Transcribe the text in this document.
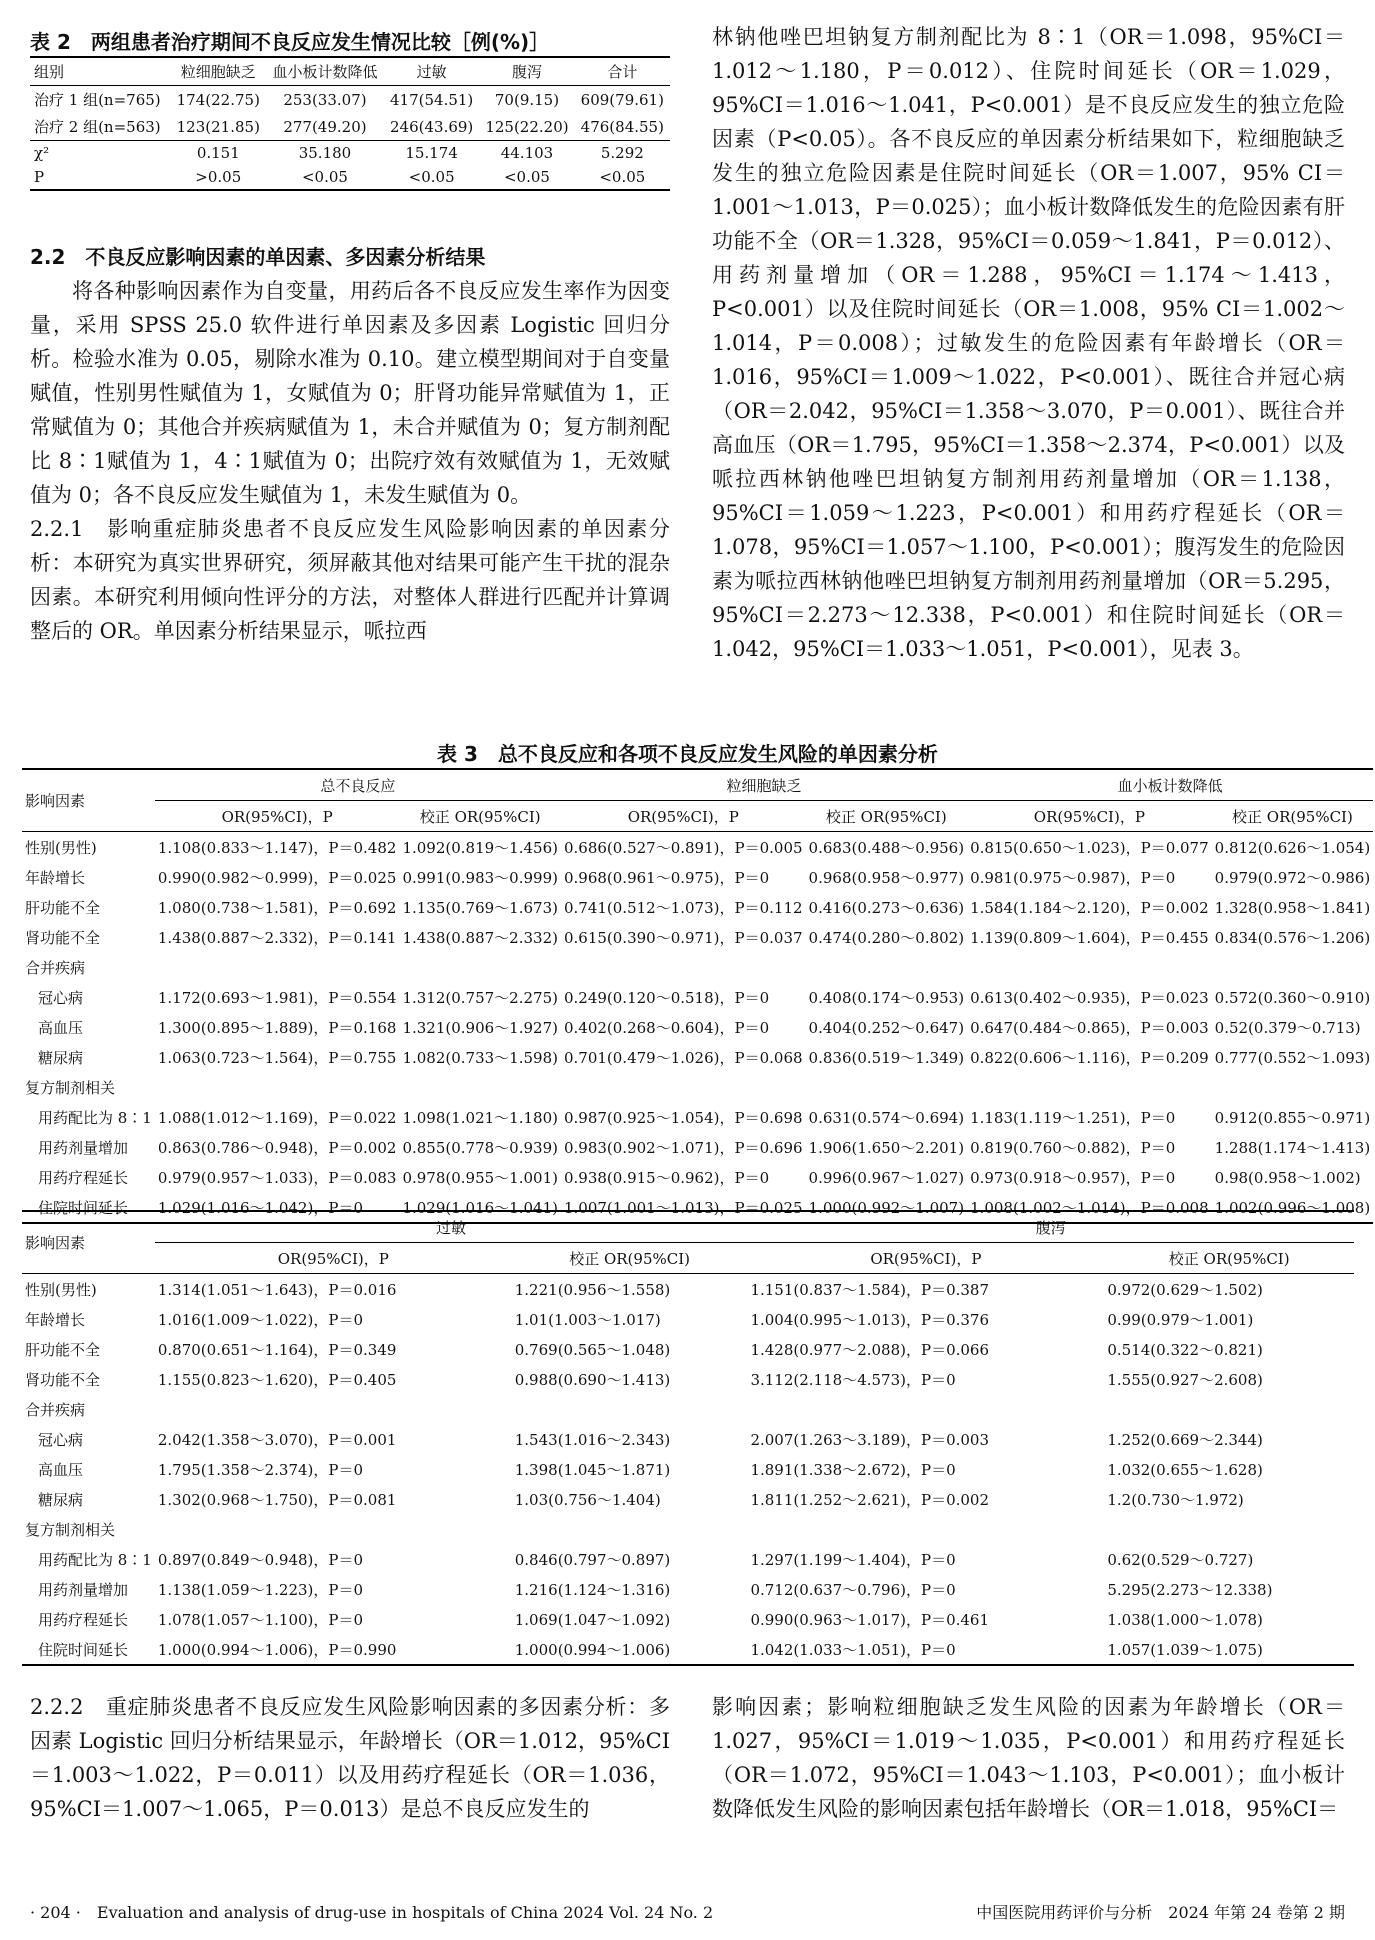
表 2　两组患者治疗期间不良反应发生情况比较［例(%)］
组别	粒细胞缺乏	血小板计数降低	过敏	腹泻	合计
治疗 1 组(n=765)	174(22.75)	253(33.07)	417(54.51)	70(9.15)	609(79.61)
治疗 2 组(n=563)	123(21.85)	277(49.20)	246(43.69)	125(22.20)	476(84.55)
χ²	0.151	35.180	15.174	44.103	5.292
P	>0.05	<0.05	<0.05	<0.05	<0.05
2.2　不良反应影响因素的单因素、多因素分析结果

将各种影响因素作为自变量，用药后各不良反应发生率作为因变量，采用 SPSS 25.0 软件进行单因素及多因素 Logistic 回归分析。检验水准为 0.05，剔除水准为 0.10。建立模型期间对于自变量赋值，性别男性赋值为 1，女赋值为 0；肝肾功能异常赋值为 1，正常赋值为 0；其他合并疾病赋值为 1，未合并赋值为 0；复方制剂配比 8∶1赋值为 1，4∶1赋值为 0；出院疗效有效赋值为 1，无效赋值为 0；各不良反应发生赋值为 1，未发生赋值为 0。

2.2.1　影响重症肺炎患者不良反应发生风险影响因素的单因素分析：本研究为真实世界研究，须屏蔽其他对结果可能产生干扰的混杂因素。本研究利用倾向性评分的方法，对整体人群进行匹配并计算调整后的 OR。单因素分析结果显示，哌拉西

林钠他唑巴坦钠复方制剂配比为 8∶1（OR＝1.098，95%CI＝1.012～1.180，P＝0.012）、住院时间延长（OR＝1.029，95%CI＝1.016～1.041，P<0.001）是不良反应发生的独立危险因素（P<0.05）。各不良反应的单因素分析结果如下，粒细胞缺乏发生的独立危险因素是住院时间延长（OR＝1.007，95% CI＝1.001～1.013，P＝0.025）；血小板计数降低发生的危险因素有肝功能不全（OR＝1.328，95%CI＝0.059～1.841，P＝0.012）、用药剂量增加（OR＝1.288，95%CI＝1.174～1.413，P<0.001）以及住院时间延长（OR＝1.008，95% CI＝1.002～1.014，P＝0.008）；过敏发生的危险因素有年龄增长（OR＝1.016，95%CI＝1.009～1.022，P<0.001）、既往合并冠心病（OR＝2.042，95%CI＝1.358～3.070，P＝0.001）、既往合并高血压（OR＝1.795，95%CI＝1.358～2.374，P<0.001）以及哌拉西林钠他唑巴坦钠复方制剂用药剂量增加（OR＝1.138，95%CI＝1.059～1.223，P<0.001）和用药疗程延长（OR＝1.078，95%CI＝1.057～1.100，P<0.001）；腹泻发生的危险因素为哌拉西林钠他唑巴坦钠复方制剂用药剂量增加（OR＝5.295，95%CI＝2.273～12.338，P<0.001）和住院时间延长（OR＝1.042，95%CI＝1.033～1.051，P<0.001），见表 3。

表 3　总不良反应和各项不良反应发生风险的单因素分析
影响因素	总不良反应		粒细胞缺乏		血小板计数降低	
	OR(95%CI)，P	校正 OR(95%CI)	OR(95%CI)，P	校正 OR(95%CI)	OR(95%CI)，P	校正 OR(95%CI)
性别(男性)	1.108(0.833～1.147)，P＝0.482	1.092(0.819～1.456)	0.686(0.527～0.891)，P＝0.005	0.683(0.488～0.956)	0.815(0.650～1.023)，P＝0.077	0.812(0.626～1.054)
年龄增长	0.990(0.982～0.999)，P＝0.025	0.991(0.983～0.999)	0.968(0.961～0.975)，P＝0	0.968(0.958～0.977)	0.981(0.975～0.987)，P＝0	0.979(0.972～0.986)
肝功能不全	1.080(0.738～1.581)，P＝0.692	1.135(0.769～1.673)	0.741(0.512～1.073)，P＝0.112	0.416(0.273～0.636)	1.584(1.184～2.120)，P＝0.002	1.328(0.958～1.841)
肾功能不全	1.438(0.887～2.332)，P＝0.141	1.438(0.887～2.332)	0.615(0.390～0.971)，P＝0.037	0.474(0.280～0.802)	1.139(0.809～1.604)，P＝0.455	0.834(0.576～1.206)
合并疾病						
冠心病	1.172(0.693～1.981)，P＝0.554	1.312(0.757～2.275)	0.249(0.120～0.518)，P＝0	0.408(0.174～0.953)	0.613(0.402～0.935)，P＝0.023	0.572(0.360～0.910)
高血压	1.300(0.895～1.889)，P＝0.168	1.321(0.906～1.927)	0.402(0.268～0.604)，P＝0	0.404(0.252～0.647)	0.647(0.484～0.865)，P＝0.003	0.52(0.379～0.713)
糖尿病	1.063(0.723～1.564)，P＝0.755	1.082(0.733～1.598)	0.701(0.479～1.026)，P＝0.068	0.836(0.519～1.349)	0.822(0.606～1.116)，P＝0.209	0.777(0.552～1.093)
复方制剂相关						
用药配比为 8∶1	1.088(1.012～1.169)，P＝0.022	1.098(1.021～1.180)	0.987(0.925～1.054)，P＝0.698	0.631(0.574～0.694)	1.183(1.119～1.251)，P＝0	0.912(0.855～0.971)
用药剂量增加	0.863(0.786～0.948)，P＝0.002	0.855(0.778～0.939)	0.983(0.902～1.071)，P＝0.696	1.906(1.650～2.201)	0.819(0.760～0.882)，P＝0	1.288(1.174～1.413)
用药疗程延长	0.979(0.957～1.033)，P＝0.083	0.978(0.955～1.001)	0.938(0.915～0.962)，P＝0	0.996(0.967～1.027)	0.973(0.918～0.957)，P＝0	0.98(0.958～1.002)
住院时间延长	1.029(1.016～1.042)，P＝0	1.029(1.016～1.041)	1.007(1.001～1.013)，P＝0.025	1.000(0.992～1.007)	1.008(1.002～1.014)，P＝0.008	1.002(0.996～1.008)
影响因素	过敏		腹泻	
	OR(95%CI)，P	校正 OR(95%CI)	OR(95%CI)，P	校正 OR(95%CI)
性别(男性)	1.314(1.051～1.643)，P＝0.016	1.221(0.956～1.558)	1.151(0.837～1.584)，P＝0.387	0.972(0.629～1.502)
年龄增长	1.016(1.009～1.022)，P＝0	1.01(1.003～1.017)	1.004(0.995～1.013)，P＝0.376	0.99(0.979～1.001)
肝功能不全	0.870(0.651～1.164)，P＝0.349	0.769(0.565～1.048)	1.428(0.977～2.088)，P＝0.066	0.514(0.322～0.821)
肾功能不全	1.155(0.823～1.620)，P＝0.405	0.988(0.690～1.413)	3.112(2.118～4.573)，P＝0	1.555(0.927～2.608)
合并疾病				
冠心病	2.042(1.358～3.070)，P＝0.001	1.543(1.016～2.343)	2.007(1.263～3.189)，P＝0.003	1.252(0.669～2.344)
高血压	1.795(1.358～2.374)，P＝0	1.398(1.045～1.871)	1.891(1.338～2.672)，P＝0	1.032(0.655～1.628)
糖尿病	1.302(0.968～1.750)，P＝0.081	1.03(0.756～1.404)	1.811(1.252～2.621)，P＝0.002	1.2(0.730～1.972)
复方制剂相关				
用药配比为 8∶1	0.897(0.849～0.948)，P＝0	0.846(0.797～0.897)	1.297(1.199～1.404)，P＝0	0.62(0.529～0.727)
用药剂量增加	1.138(1.059～1.223)，P＝0	1.216(1.124～1.316)	0.712(0.637～0.796)，P＝0	5.295(2.273～12.338)
用药疗程延长	1.078(1.057～1.100)，P＝0	1.069(1.047～1.092)	0.990(0.963～1.017)，P＝0.461	1.038(1.000～1.078)
住院时间延长	1.000(0.994～1.006)，P＝0.990	1.000(0.994～1.006)	1.042(1.033～1.051)，P＝0	1.057(1.039～1.075)

2.2.2　重症肺炎患者不良反应发生风险影响因素的多因素分析：多因素 Logistic 回归分析结果显示，年龄增长（OR＝1.012，95%CI＝1.003～1.022，P＝0.011）以及用药疗程延长（OR＝1.036，95%CI＝1.007～1.065，P＝0.013）是总不良反应发生的

影响因素；影响粒细胞缺乏发生风险的因素为年龄增长（OR＝1.027，95%CI＝1.019～1.035，P<0.001）和用药疗程延长（OR＝1.072，95%CI＝1.043～1.103，P<0.001）；血小板计数降低发生风险的影响因素包括年龄增长（OR＝1.018，95%CI＝

· 204 ·　Evaluation and analysis of drug-use in hospitals of China 2024 Vol. 24 No. 2	中国医院用药评价与分析　2024 年第 24 卷第 2 期
